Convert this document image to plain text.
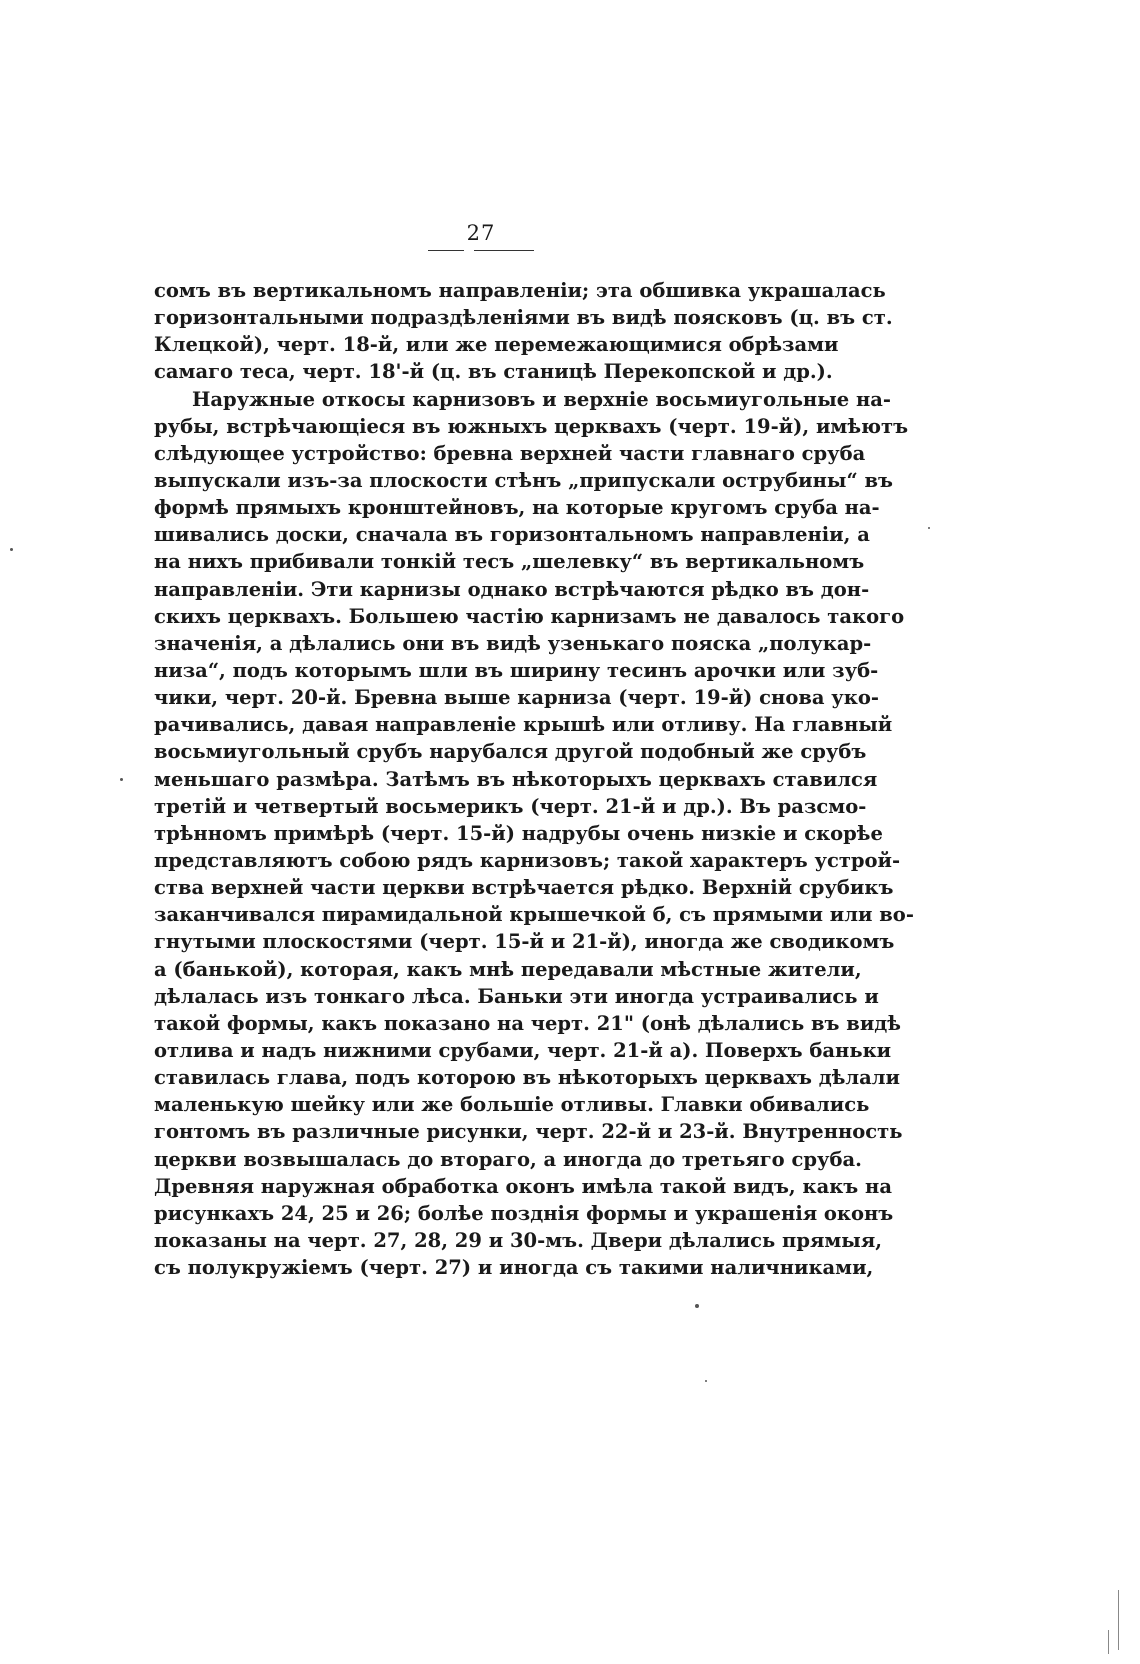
27
сомъ въ вертикальномъ направленіи; эта обшивка украшалась
горизонтальными подраздѣленіями въ видѣ поясковъ (ц. въ ст.
Клецкой), черт. 18-й, или же перемежающимися обрѣзами
самаго теса, черт. 18'-й (ц. въ станицѣ Перекопской и др.).
Наружные откосы карнизовъ и верхніе восьмиугольные на-
рубы, встрѣчающіеся въ южныхъ церквахъ (черт. 19-й), имѣютъ
слѣдующее устройство: бревна верхней части главнаго сруба
выпускали изъ-за плоскости стѣнъ „припускали острубины“ въ
формѣ прямыхъ кронштейновъ, на которые кругомъ сруба на-
шивались доски, сначала въ горизонтальномъ направленіи, а
на нихъ прибивали тонкій тесъ „шелевку“ въ вертикальномъ
направленіи. Эти карнизы однако встрѣчаются рѣдко въ дон-
скихъ церквахъ. Большею частію карнизамъ не давалось такого
значенія, а дѣлались они въ видѣ узенькаго пояска „полукар-
низа“, подъ которымъ шли въ ширину тесинъ арочки или зуб-
чики, черт. 20-й. Бревна выше карниза (черт. 19-й) снова уко-
рачивались, давая направленіе крышѣ или отливу. На главный
восьмиугольный срубъ нарубался другой подобный же срубъ
меньшаго размѣра. Затѣмъ въ нѣкоторыхъ церквахъ ставился
третій и четвертый восьмерикъ (черт. 21-й и др.). Въ разсмо-
трѣнномъ примѣрѣ (черт. 15-й) надрубы очень низкіе и скорѣе
представляютъ собою рядъ карнизовъ; такой характеръ устрой-
ства верхней части церкви встрѣчается рѣдко. Верхній срубикъ
заканчивался пирамидальной крышечкой б, съ прямыми или во-
гнутыми плоскостями (черт. 15-й и 21-й), иногда же сводикомъ
а (банькой), которая, какъ мнѣ передавали мѣстные жители,
дѣлалась изъ тонкаго лѣса. Баньки эти иногда устраивались и
такой формы, какъ показано на черт. 21" (онѣ дѣлались въ видѣ
отлива и надъ нижними срубами, черт. 21-й а). Поверхъ баньки
ставилась глава, подъ которою въ нѣкоторыхъ церквахъ дѣлали
маленькую шейку или же большіе отливы. Главки обивались
гонтомъ въ различные рисунки, черт. 22-й и 23-й. Внутренность
церкви возвышалась до втораго, а иногда до третьяго сруба.
Древняя наружная обработка оконъ имѣла такой видъ, какъ на
рисункахъ 24, 25 и 26; болѣе позднія формы и украшенія оконъ
показаны на черт. 27, 28, 29 и 30-мъ. Двери дѣлались прямыя,
съ полукружіемъ (черт. 27) и иногда съ такими наличниками,
